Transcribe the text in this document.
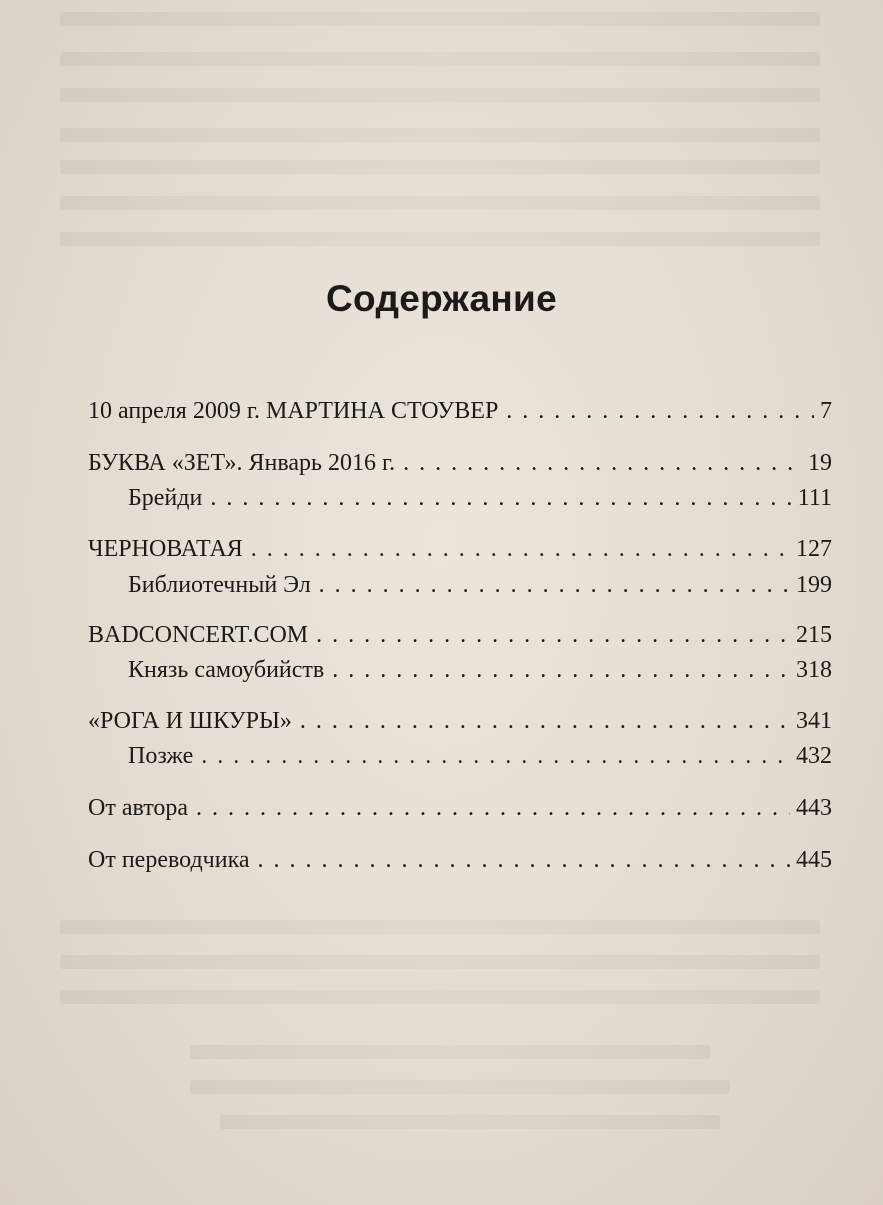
Содержание
10 апреля 2009 г. МАРТИНА СТОУВЕР . . .	7
БУКВА «ЗЕТ». Январь 2016 г. . . .	19
Брейди . . .	111
ЧЕРНОВАТАЯ . . .	127
Библиотечный Эл . . .	199
BADCONCERT.COM . . .	215
Князь самоубийств . . .	318
«РОГА И ШКУРЫ» . . .	341
Позже . . .	432
От автора . . .	443
От переводчика . . .	445
